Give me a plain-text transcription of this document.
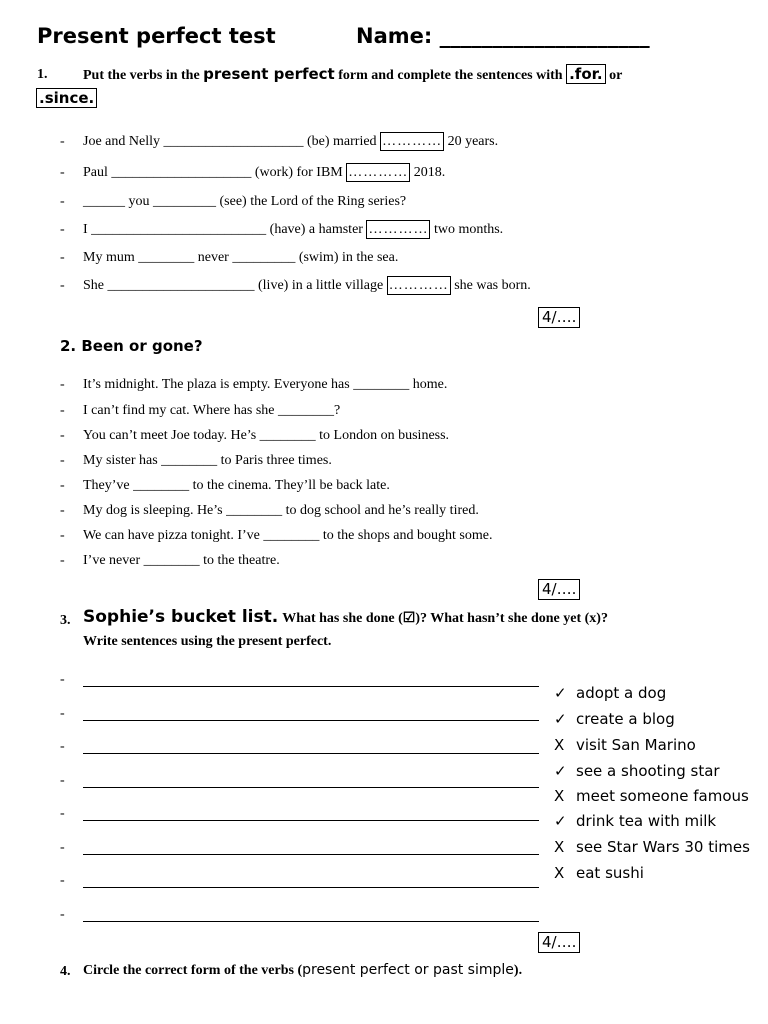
Present perfect test	Name: ____________________
1.	Put the verbs in the present perfect form and complete the sentences with .for. or
.since.
- Joe and Nelly ____________________ (be) married ………… 20 years.
- Paul ____________________ (work) for IBM ………… 2018.
- ______ you _________ (see) the Lord of the Ring series?
- I _________________________ (have) a hamster ………… two months.
- My mum ________ never _________ (swim) in the sea.
- She _____________________ (live) in a little village ………… she was born.
4/….
2. Been or gone?
- It’s midnight. The plaza is empty. Everyone has ________ home.
- I can’t find my cat. Where has she ________?
- You can’t meet Joe today. He’s ________ to London on business.
- My sister has ________ to Paris three times.
- They’ve ________ to the cinema. They’ll be back late.
- My dog is sleeping. He’s ________ to dog school and he’s really tired.
- We can have pizza tonight. I’ve ________ to the shops and bought some.
- I’ve never ________ to the theatre.
4/….
3. Sophie’s bucket list. What has she done (☑)? What hasn’t she done yet (x)?
Write sentences using the present perfect.
-
-
-
-
-
-
-
-
✓ adopt a dog
✓ create a blog
X visit San Marino
✓ see a shooting star
X meet someone famous
✓ drink tea with milk
X see Star Wars 30 times
X eat sushi
4/….
4. Circle the correct form of the verbs (present perfect or past simple).
